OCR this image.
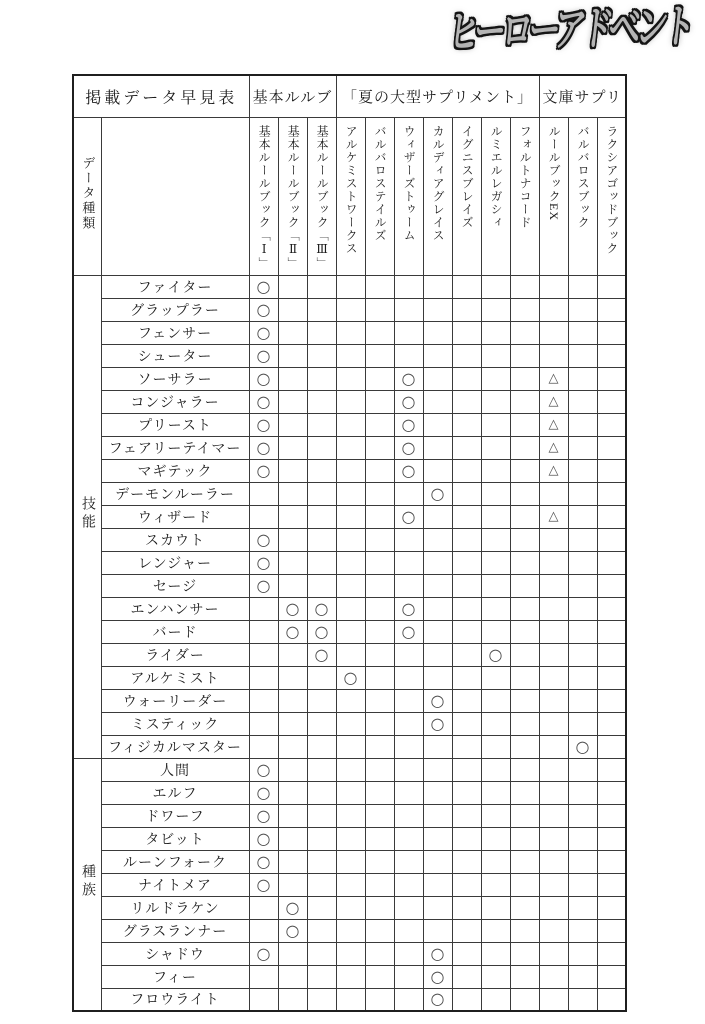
ヒーローアドベント
掲載データ早見表		基本ルルブ			「夏の大型サプリメント」							文庫サプリ		
データ種類		基本ルールブック「Ⅰ」	基本ルールブック「Ⅱ」	基本ルールブック「Ⅲ」	アルケミストワークス	バルバロステイルズ	ウィザーズトゥーム	カルディアグレイス	イグニスブレイズ	ルミエルレガシィ	フォルトナコード	ルールブックEX	バルバロスブック	ラクシアゴッドブック
技能	ファイター	○												
	グラップラー	○												
	フェンサー	○												
	シューター	○												
	ソーサラー	○					○					△		
	コンジャラー	○					○					△		
	プリースト	○					○					△		
	フェアリーテイマー	○					○					△		
	マギテック	○					○					△		
	デーモンルーラー							○						
	ウィザード						○					△		
	スカウト	○												
	レンジャー	○												
	セージ	○												
	エンハンサー		○	○			○							
	バード		○	○			○							
	ライダー			○						○				
	アルケミスト				○									
	ウォーリーダー							○						
	ミスティック							○						
	フィジカルマスター												○	
種族	人間	○												
	エルフ	○												
	ドワーフ	○												
	タビット	○												
	ルーンフォーク	○												
	ナイトメア	○												
	リルドラケン		○											
	グラスランナー		○											
	シャドウ	○						○						
	フィー							○						
	フロウライト							○						
